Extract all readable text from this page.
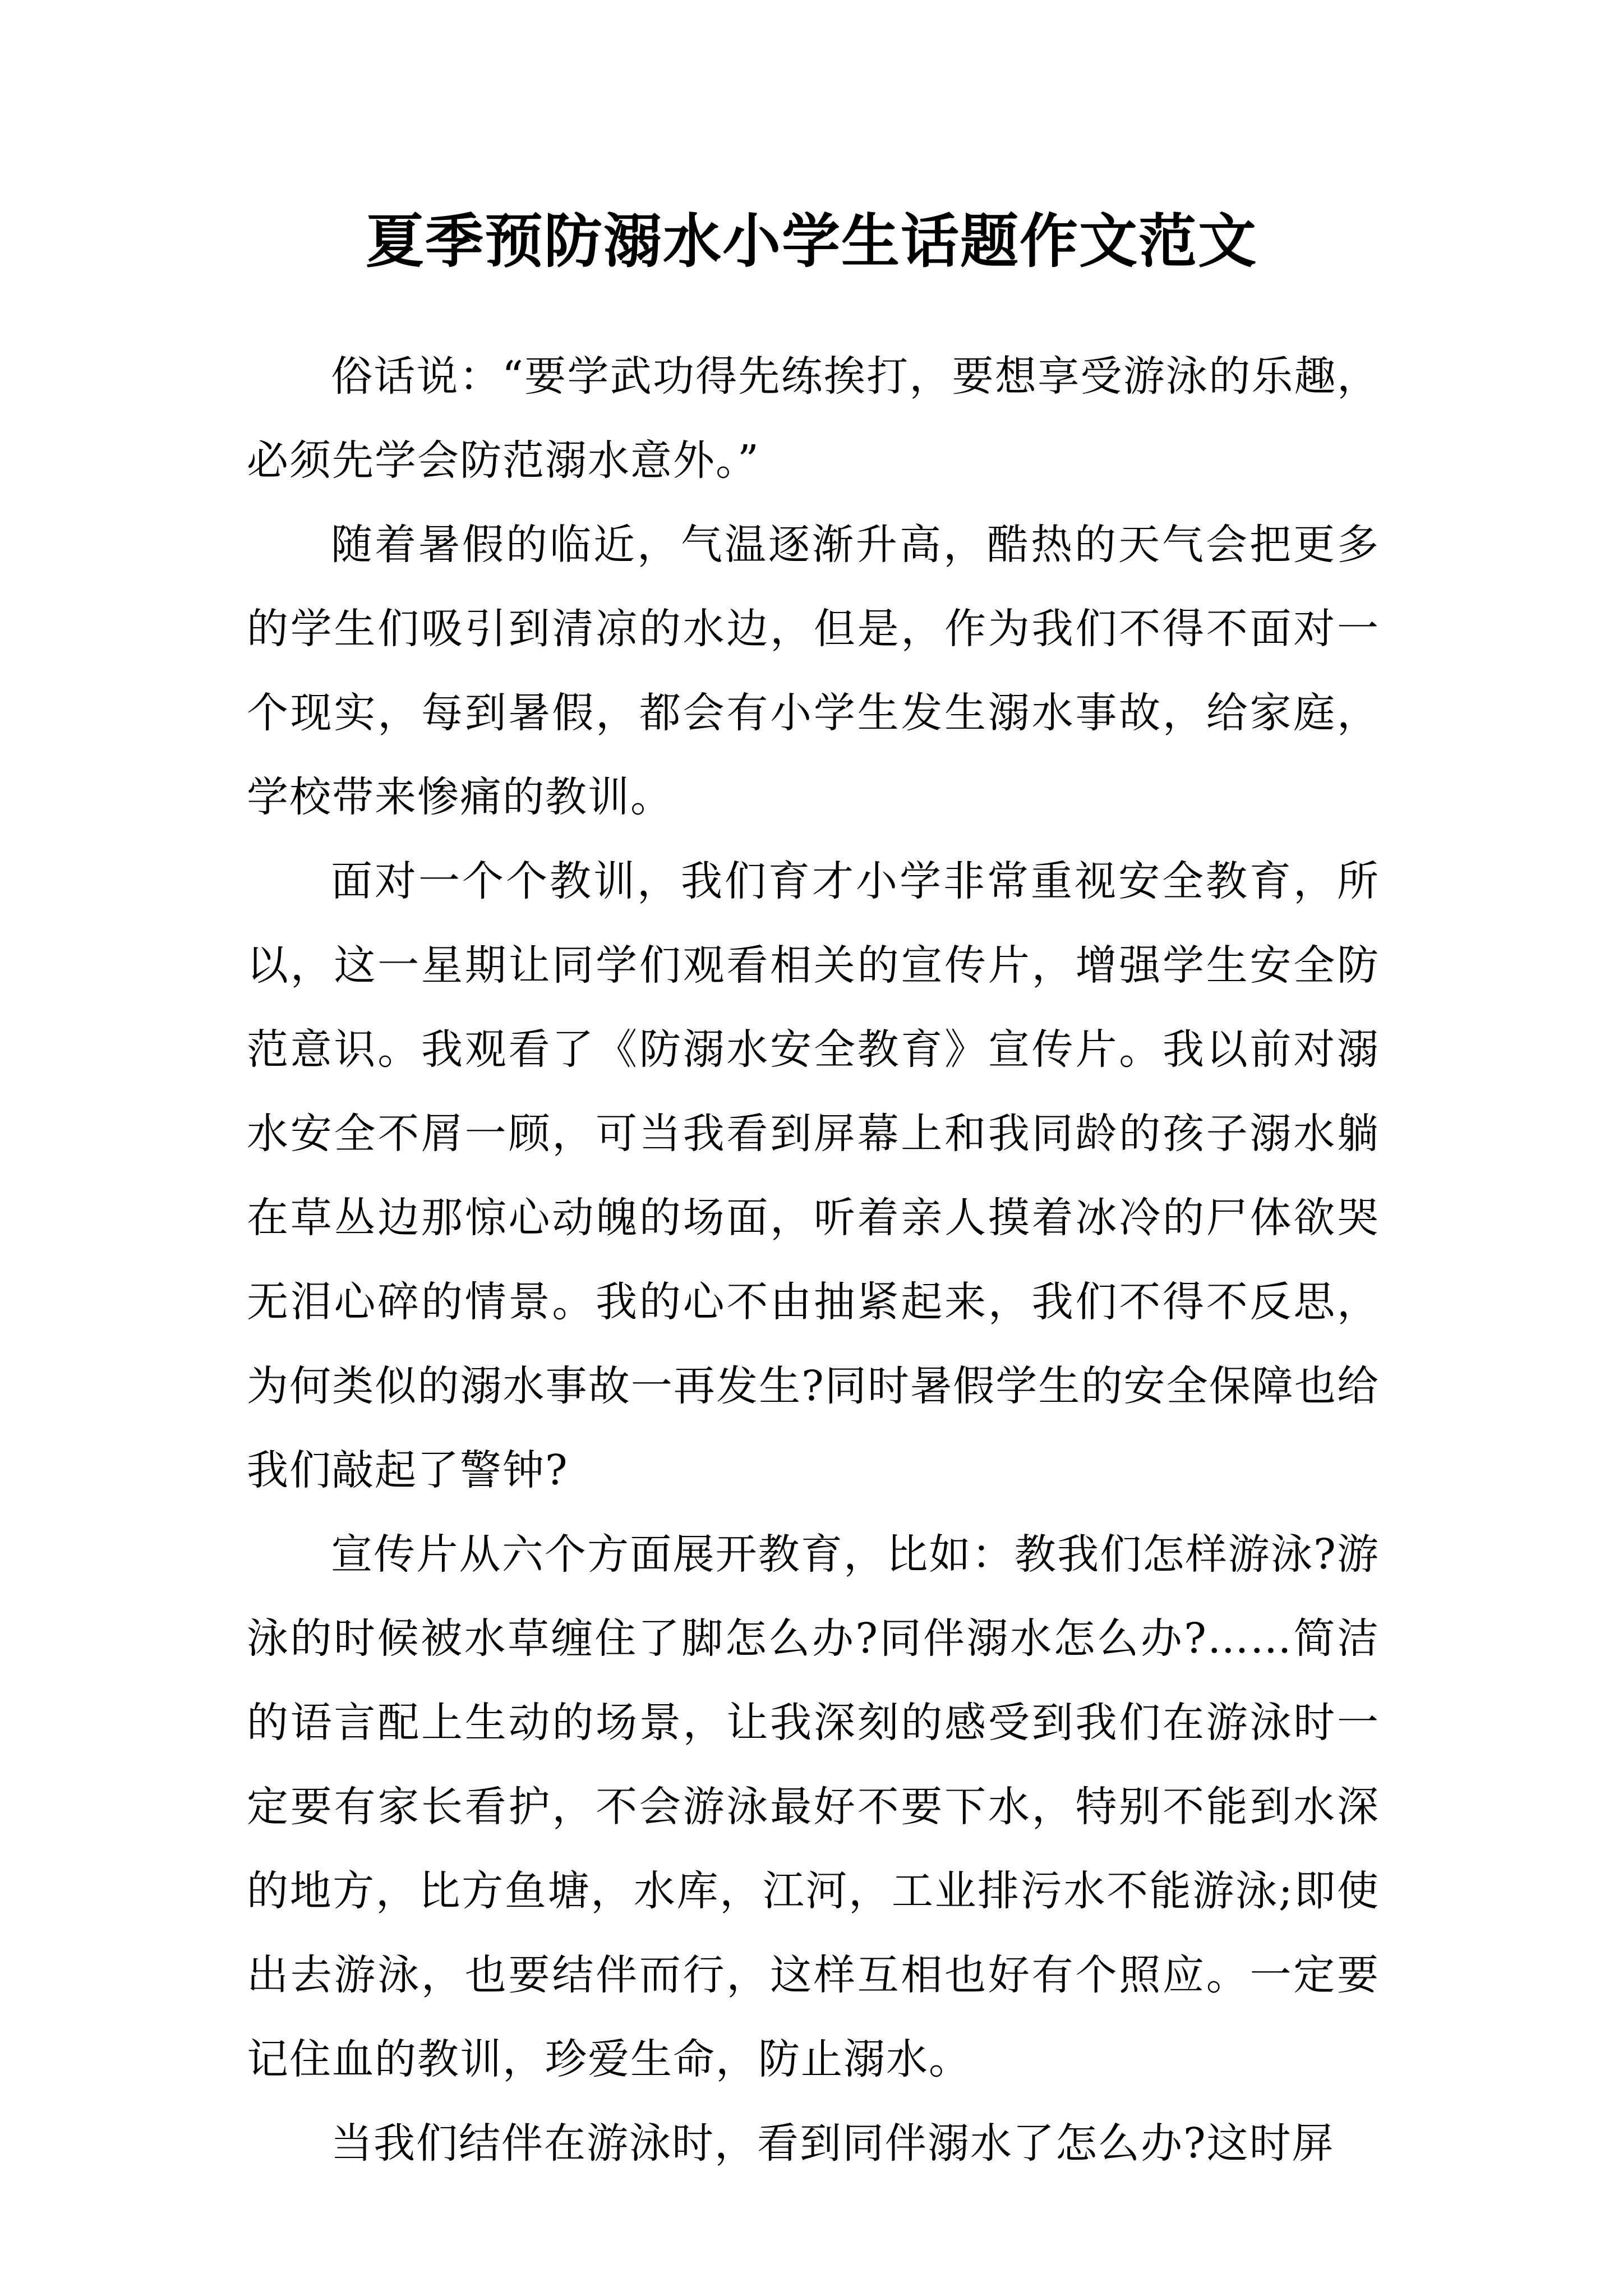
夏季预防溺水小学生话题作文范文

俗话说：“要学武功得先练挨打，要想享受游泳的乐趣，必须先学会防范溺水意外。”

随着暑假的临近，气温逐渐升高，酷热的天气会把更多的学生们吸引到清凉的水边，但是，作为我们不得不面对一个现实，每到暑假，都会有小学生发生溺水事故，给家庭，学校带来惨痛的教训。

面对一个个教训，我们育才小学非常重视安全教育，所以，这一星期让同学们观看相关的宣传片，增强学生安全防范意识。我观看了《防溺水安全教育》宣传片。我以前对溺水安全不屑一顾，可当我看到屏幕上和我同龄的孩子溺水躺在草丛边那惊心动魄的场面，听着亲人摸着冰冷的尸体欲哭无泪心碎的情景。我的心不由抽紧起来，我们不得不反思，为何类似的溺水事故一再发生?同时暑假学生的安全保障也给我们敲起了警钟?

宣传片从六个方面展开教育，比如：教我们怎样游泳?游泳的时候被水草缠住了脚怎么办?同伴溺水怎么办?……简洁的语言配上生动的场景，让我深刻的感受到我们在游泳时一定要有家长看护，不会游泳最好不要下水，特别不能到水深的地方，比方鱼塘，水库，江河，工业排污水不能游泳;即使出去游泳，也要结伴而行，这样互相也好有个照应。一定要记住血的教训，珍爱生命，防止溺水。

当我们结伴在游泳时，看到同伴溺水了怎么办?这时屏
